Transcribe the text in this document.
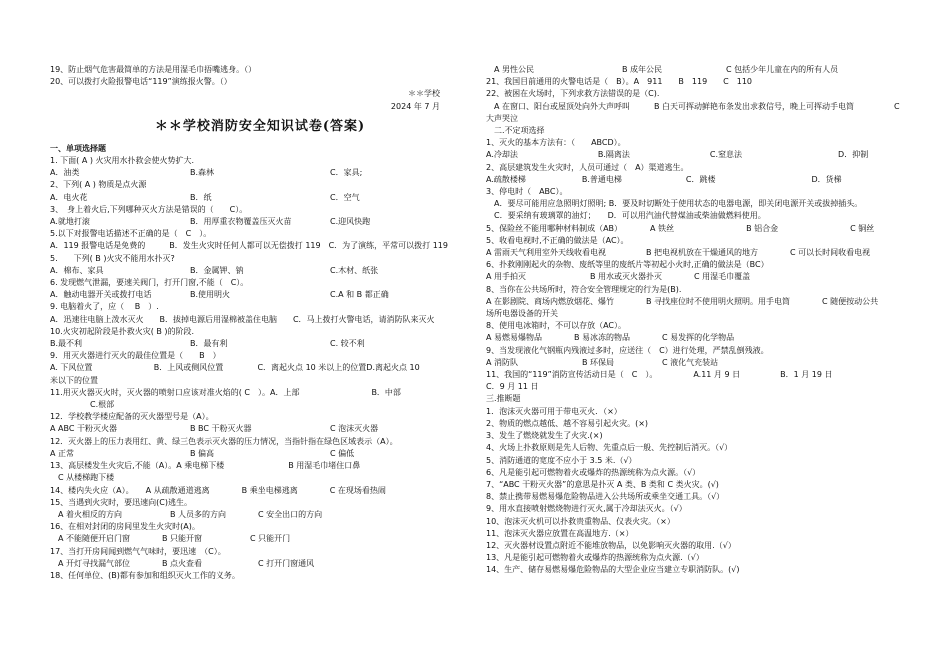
19、防止烟气危害最简单的方法是用湿毛巾捂嘴逃身。（）
20、可以拨打火险报警电话“119”演练报火警。（）
＊＊学校
2024 年 7 月
＊＊学校消防安全知识试卷(答案)
一、单项选择题
1. 下面( A ) 火灾用水扑救会使火势扩大.
A．油类	B.森林	C．家具;
2、下列( A ) 物质是点火源
A．电火花	B．纸	C．空气
3、　身上着火后,下列哪种灭火方法是错误的（　　C）。
A.就地打滚	B．用厚重衣物覆盖压灭火苗	C.迎风快跑
5.以下对报警电话描述不正确的是（　C　）。
A．119 报警电话是免费的　　　B．发生火灾时任何人都可以无偿拨打 119　C．为了演练，平常可以拨打 119
5.　　下列( B )火灾不能用水扑灭?
A．棉布、家具	B．金属钾、钠	C.木材、纸张
6. 发现燃气泄漏，要速关阀门，打开门窗,不能（　C）。
A．触动电器开关或拨打电话	B.使用明火	C.A 和 B 都正确
9. 电脑着火了，应（　 B　）.
A．迅速往电脑上泼水灭火　　B．拔掉电源后用湿棉被盖住电脑　　C．马上拨打火警电话，请消防队来灭火
10.火灾初起阶段是扑救火灾( B )的阶段.
B.最不利	B．最有利	C. 较不利
9．用灭火器进行灭火的最佳位置是（　　B　）
A. 下风位置	B．上风或侧风位置	C．离起火点 10 米以上的位置 D.离起火点 10
米以下的位置
11.用灭火器灭火时，灭火器的喷射口应该对准火焰的( C　）。A．上部　　　　　　　　　B．中部
　　　　　C.根部
12．学校教学楼应配备的灭火器型号是（A）。
A ABC 干粉灭火器	B BC 干粉灭火器	C 泡沫灭火器
12．灭火器上的压力表用红、黄、绿三色表示灭火器的压力情况，当指针指在绿色区域表示（A）。
A 正常	B 偏高	C 偏低
13、高层楼发生火灾后,不能（A）。A 乘电梯下楼　　　　　　　　B 用湿毛巾堵住口鼻
　C 从楼梯跑下楼
14、楼内失火应（A）。　　A 从疏散通道逃离　　　　B 乘坐电梯逃离　　　　C 在现场看热闹
15、当遇到火灾时，要迅速向(C)逃生。
　A 着火相反的方向　　　　　　B 人员多的方向　　　　C 安全出口的方向
16、在相对封闭的房间里发生火灾时(A)。
　A 不能随便开启门窗　　　　B 只能开窗　　　　　　C 只能开门
17、当打开房间闻到燃气气味时，要迅速　（C）。
　A 开灯寻找漏气部位　　　　B 点火查看　　　　　　　C 打开门窗通风
18、任何单位、(B)都有参加和组织灭火工作的义务。
　A 男性公民　　　　　　　　　　　B 成年公民　　　　　　　　C 包括少年儿童在内的所有人员
21、我国目前通用的火警电话是（　B）。A　911　　B　119　　C　110
22、被困在火场时，下列求救方法错误的是（C).
　A 在窗口、阳台或屋顶处向外大声呼叫　　　B 白天可挥动鲜艳布条发出求救信号，晚上可挥动手电筒　　　　　C
大声哭泣
　二.不定项选择
1、灭火的基本方法有：（　　ABCD）。
A.冷却法　　　　　　　　　　B.隔离法　　　　　　　　　　C.窒息法　　　　　　　　　　　　D．抑制
2、高层建筑发生火灾时，人员可通过（　A）渠道逃生。
A.疏散楼梯　　　　　　　B.普通电梯　　　　　　　　C．跳楼　　　　　　　　　　　　D．货梯
3、停电时（　ABC）。
　A．要尽可能用应急照明灯照明; B．要及时切断处于使用状态的电器电源，即关闭电源开关或拔掉插头。
　C．要采纳有玻璃罩的油灯；　　D．可以用汽油代替煤油或柴油做燃料使用。
5、保险丝不能用哪种材料制成（AB）　　　　A 铁丝　　　　　　　　　B 铝合金　　　　　　　　　C 铜丝
5、收看电视时,不正确的做法是（AC）。
A 雷雨天气利用室外天线收看电视　　　　　B 把电视机放在干燥通风的地方　　　　C 可以长时间收看电视
6、扑救刚刚起火的杂物、废纸等里的废纸片等初起小火时,正确的做法是（BC）
A 用手拍灭　　　　　　　　B 用水或灭火器扑灭　　　　C 用湿毛巾覆盖
8、当你在公共场所时，符合安全管理规定的行为是(B).
A 在影剧院、商场内燃放烟花、爆竹　　　　B 寻找座位时不使用明火照明。用手电筒　　　　C 随便按动公共
场所电器设备的开关
8、使用电冰箱时，不可以存放（AC）。
A 易燃易爆物品　　　　B 易冰冻的物品　　　　C 易发挥的化学物品
9、当发现液化气钢瓶内残液过多时，应送往（　C）进行处理，严禁乱倒残液。
A 消防队　　　　　　　　B 环保局　　　　　　C 液化气充装站
11、我国的“119”消防宣传活动日是（　C　）。　　　　　A.11 月 9 日　　　　　B．1 月 19 日
C．9 月 11 日
三.推断题
1．泡沫灭火器可用于带电灭火．（×）
2、物质的燃点越低、越不容易引起火灾。(×)
3、发生了燃烧就发生了火灾.(×)
4、火场上扑救原则是先人后物、先重点后一般、先控制后消灭。（√）
5、消防通道的宽度不应小于 3.5 米.（√）
6、凡是能引起可燃物着火或爆炸的热源统称为点火源。（√）
7、“ABC 干粉灭火器”的意思是扑灭 A 类、B 类和 C 类火灾。(√)
8、禁止携带易燃易爆危险物品进入公共场所或乘坐交通工具。（√）
9、用水直接喷射燃烧物进行灭火,属于冷却法灭火。（√）
10、泡沫灭火机可以扑救贵重物品、仪表火灾。（×）
11、泡沫灭火器应放置在高温地方.（×）
12、灭火器材设置点附近不能堆放物品，以免影响灭火器的取用.（√）
13、凡是能引起可燃物着火或爆炸的热源统称为点火源.（√）
14、生产、储存易燃易爆危险物品的大型企业应当建立专职消防队。(√)
